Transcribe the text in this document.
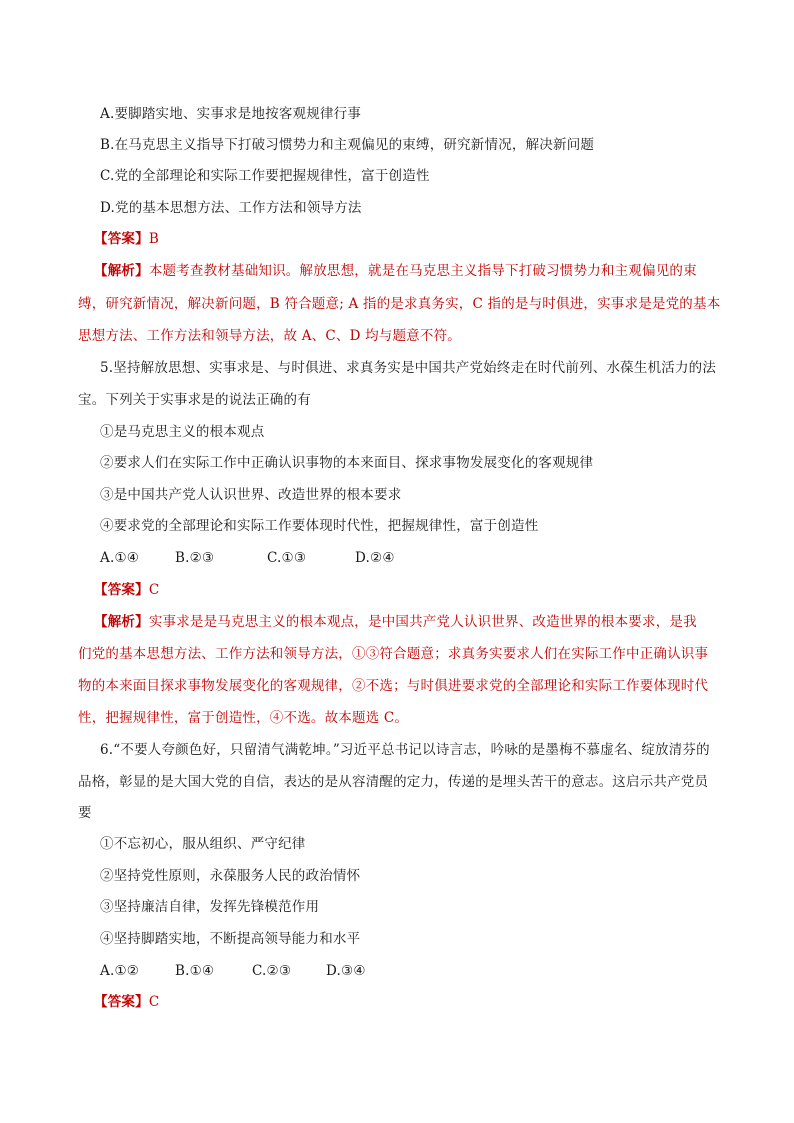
A.要脚踏实地、实事求是地按客观规律行事
B.在马克思主义指导下打破习惯势力和主观偏见的束缚，研究新情况，解决新问题
C.党的全部理论和实际工作要把握规律性，富于创造性
D.党的基本思想方法、工作方法和领导方法
【答案】B
【解析】本题考查教材基础知识。解放思想，就是在马克思主义指导下打破习惯势力和主观偏见的束
缚，研究新情况，解决新问题，B 符合题意; A 指的是求真务实，C 指的是与时俱进，实事求是是党的基本
思想方法、工作方法和领导方法，故 A、C、D 均与题意不符。
5.坚持解放思想、实事求是、与时俱进、求真务实是中国共产党始终走在时代前列、水葆生机活力的法
宝。下列关于实事求是的说法正确的有
①是马克思主义的根本观点
②要求人们在实际工作中正确认识事物的本来面目、探求事物发展变化的客观规律
③是中国共产党人认识世界、改造世界的根本要求
④要求党的全部理论和实际工作要体现时代性，把握规律性，富于创造性
A.①④	B.②③	C.①③	D.②④
【答案】C
【解析】实事求是是马克思主义的根本观点，是中国共产党人认识世界、改造世界的根本要求，是我
们党的基本思想方法、工作方法和领导方法，①③符合题意；求真务实要求人们在实际工作中正确认识事
物的本来面目探求事物发展变化的客观规律，②不选；与时俱进要求党的全部理论和实际工作要体现时代
性，把握规律性，富于创造性，④不选。故本题选 C。
6.“不要人夸颜色好，只留清气满乾坤。”习近平总书记以诗言志，吟咏的是墨梅不慕虚名、绽放清芬的
品格，彰显的是大国大党的自信，表达的是从容清醒的定力，传递的是埋头苦干的意志。这启示共产党员
要
①不忘初心，服从组织、严守纪律
②坚持党性原则，永葆服务人民的政治情怀
③坚持廉洁自律，发挥先锋模范作用
④坚持脚踏实地，不断提高领导能力和水平
A.①②	B.①④	C.②③	D.③④
【答案】C
